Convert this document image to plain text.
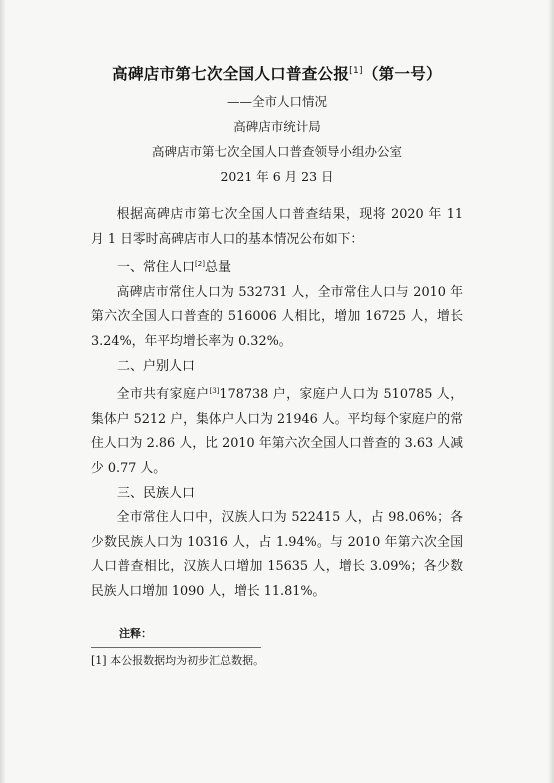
高碑店市第七次全国人口普查公报[1]（第一号）

——全市人口情况

高碑店市统计局

高碑店市第七次全国人口普查领导小组办公室

2021 年 6 月 23 日

根据高碑店市第七次全国人口普查结果，现将 2020 年 11 月 1 日零时高碑店市人口的基本情况公布如下：

一、常住人口[2]总量

高碑店市常住人口为 532731 人，全市常住人口与 2010 年第六次全国人口普查的 516006 人相比，增加 16725 人，增长 3.24%，年平均增长率为 0.32%。

二、户别人口

全市共有家庭户[3]178738 户，家庭户人口为 510785 人，集体户 5212 户，集体户人口为 21946 人。平均每个家庭户的常住人口为 2.86 人，比 2010 年第六次全国人口普查的 3.63 人减少 0.77 人。

三、民族人口

全市常住人口中，汉族人口为 522415 人，占 98.06%；各少数民族人口为 10316 人，占 1.94%。与 2010 年第六次全国人口普查相比，汉族人口增加 15635 人，增长 3.09%；各少数民族人口增加 1090 人，增长 11.81%。

注释：

[1] 本公报数据均为初步汇总数据。
